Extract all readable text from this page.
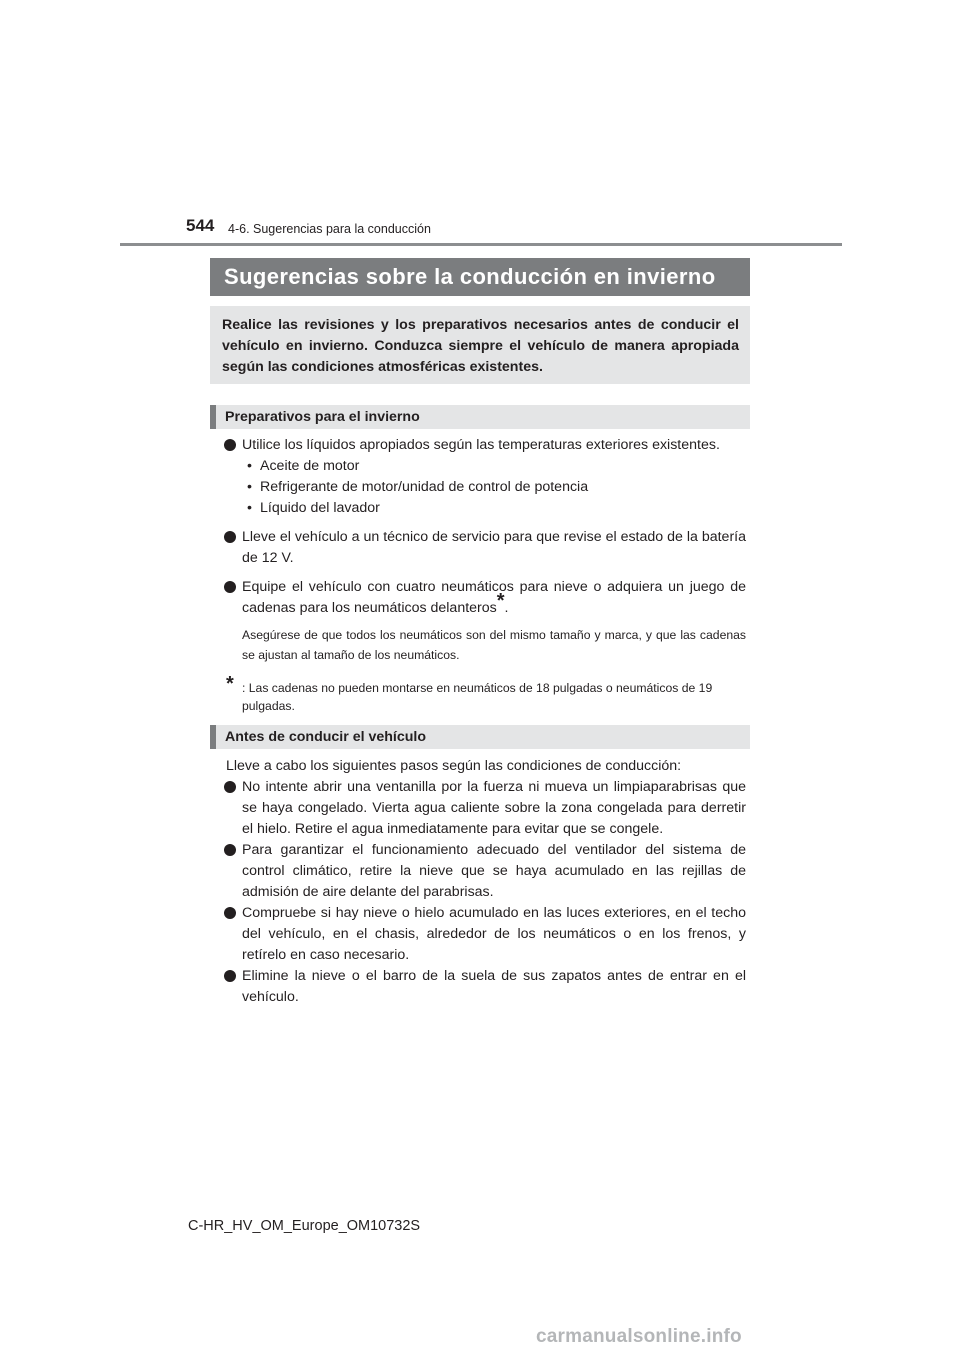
544 4-6. Sugerencias para la conducción
Sugerencias sobre la conducción en invierno
Realice las revisiones y los preparativos necesarios antes de conducir el vehículo en invierno. Conduzca siempre el vehículo de manera apropiada según las condiciones atmosféricas existentes.
Preparativos para el invierno
Utilice los líquidos apropiados según las temperaturas exteriores existentes.
• Aceite de motor
• Refrigerante de motor/unidad de control de potencia
• Líquido del lavador
Lleve el vehículo a un técnico de servicio para que revise el estado de la batería de 12 V.
Equipe el vehículo con cuatro neumáticos para nieve o adquiera un juego de cadenas para los neumáticos delanteros*.
Asegúrese de que todos los neumáticos son del mismo tamaño y marca, y que las cadenas se ajustan al tamaño de los neumáticos.
* : Las cadenas no pueden montarse en neumáticos de 18 pulgadas o neumáticos de 19 pulgadas.
Antes de conducir el vehículo
Lleve a cabo los siguientes pasos según las condiciones de conducción:
No intente abrir una ventanilla por la fuerza ni mueva un limpiaparabrisas que se haya congelado. Vierta agua caliente sobre la zona congelada para derretir el hielo. Retire el agua inmediatamente para evitar que se congele.
Para garantizar el funcionamiento adecuado del ventilador del sistema de control climático, retire la nieve que se haya acumulado en las rejillas de admisión de aire delante del parabrisas.
Compruebe si hay nieve o hielo acumulado en las luces exteriores, en el techo del vehículo, en el chasis, alrededor de los neumáticos o en los frenos, y retírelo en caso necesario.
Elimine la nieve o el barro de la suela de sus zapatos antes de entrar en el vehículo.
C-HR_HV_OM_Europe_OM10732S
carmanualsonline.info
